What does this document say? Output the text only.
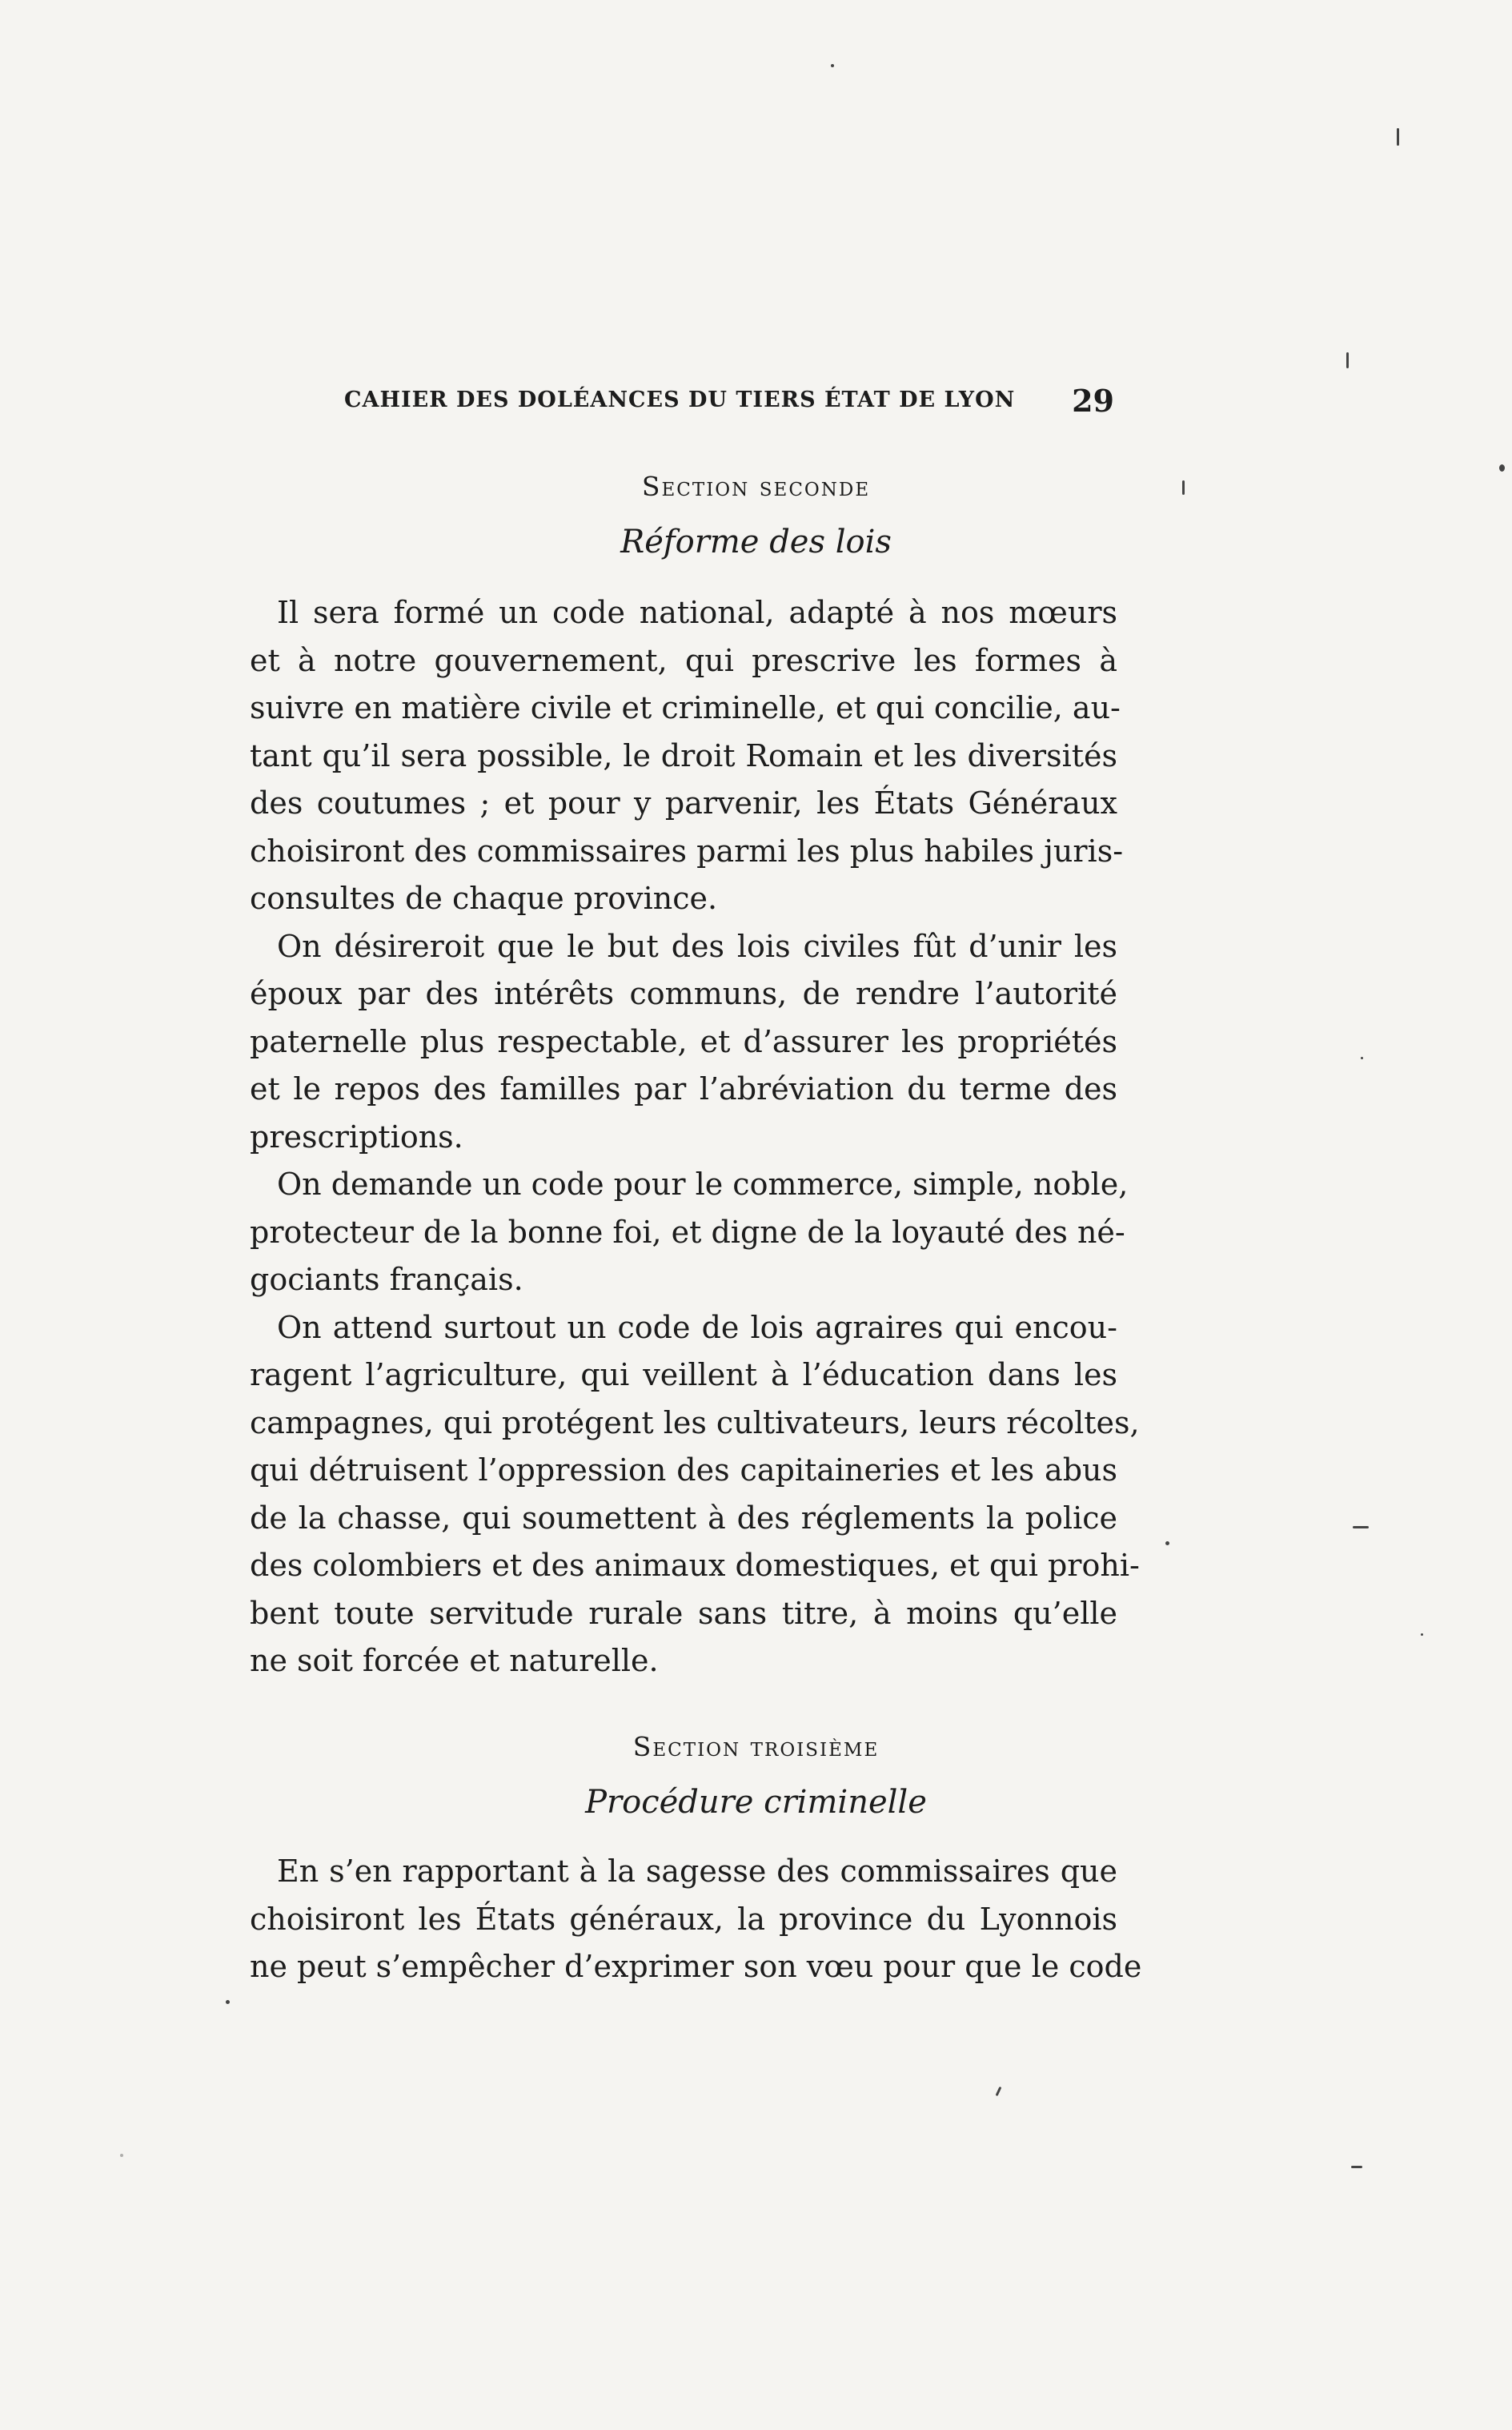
CAHIER DES DOLÉANCES DU TIERS ÉTAT DE LYON 29
Section seconde
Réforme des lois
Il sera formé un code national, adapté à nos mœurs
et à notre gouvernement, qui prescrive les formes à
suivre en matière civile et criminelle, et qui concilie, au-
tant qu’il sera possible, le droit Romain et les diversités
des coutumes ; et pour y parvenir, les États Généraux
choisiront des commissaires parmi les plus habiles juris-
consultes de chaque province.
On désireroit que le but des lois civiles fût d’unir les
époux par des intérêts communs, de rendre l’autorité
paternelle plus respectable, et d’assurer les propriétés
et le repos des familles par l’abréviation du terme des
prescriptions.
On demande un code pour le commerce, simple, noble,
protecteur de la bonne foi, et digne de la loyauté des né-
gociants français.
On attend surtout un code de lois agraires qui encou-
ragent l’agriculture, qui veillent à l’éducation dans les
campagnes, qui protégent les cultivateurs, leurs récoltes,
qui détruisent l’oppression des capitaineries et les abus
de la chasse, qui soumettent à des réglements la police
des colombiers et des animaux domestiques, et qui prohi-
bent toute servitude rurale sans titre, à moins qu’elle
ne soit forcée et naturelle.
Section troisième
Procédure criminelle
En s’en rapportant à la sagesse des commissaires que
choisiront les États généraux, la province du Lyonnois
ne peut s’empêcher d’exprimer son vœu pour que le code
